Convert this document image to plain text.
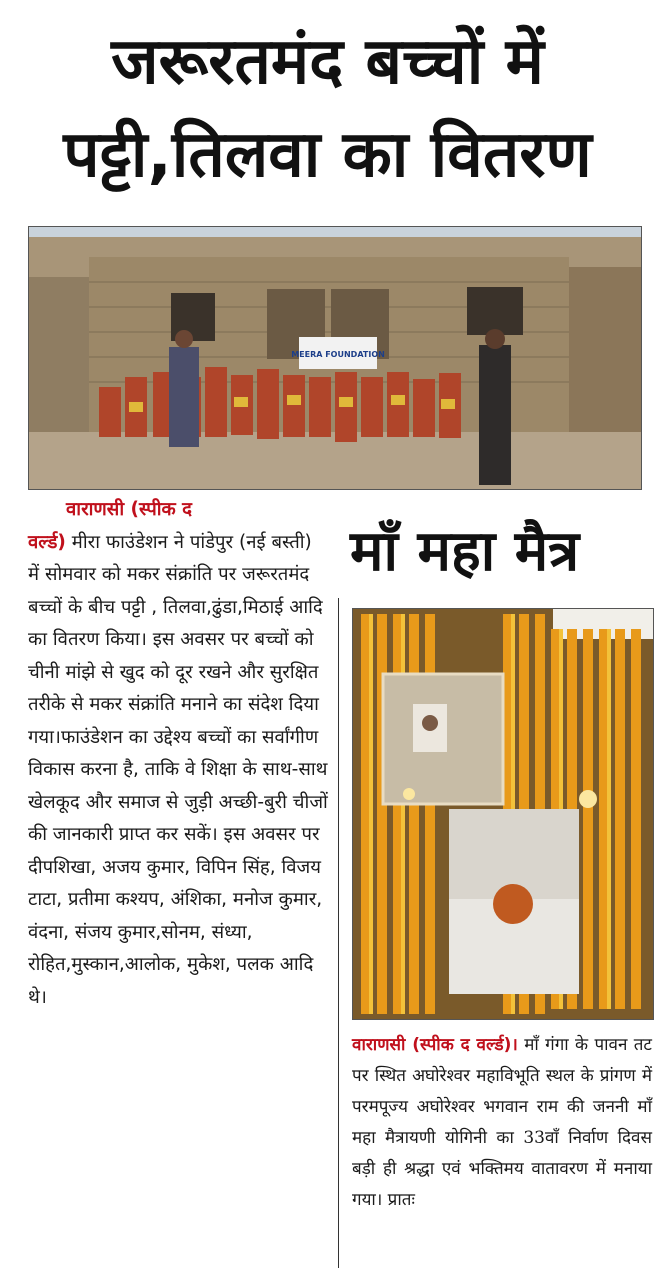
जरूरतमंद बच्चों में
पट्टी,तिलवा का वितरण
MEERA FOUNDATION
वाराणसी (स्पीक द
वर्ल्ड) मीरा फाउंडेशन ने पांडेपुर (नई बस्ती) में सोमवार को मकर संक्रांति पर जरूरतमंद बच्चों के बीच पट्टी , तिलवा,ढुंडा,मिठाई आदि का वितरण किया। इस अवसर पर बच्चों को चीनी मांझे से खुद को दूर रखने और सुरक्षित तरीके से मकर संक्रांति मनाने का संदेश दिया गया।फाउंडेशन का उद्देश्य बच्चों का सर्वांगीण विकास करना है, ताकि वे शिक्षा के साथ-साथ खेलकूद और समाज से जुड़ी अच्छी-बुरी चीजों की जानकारी प्राप्त कर सकें। इस अवसर पर दीपशिखा, अजय कुमार, विपिन सिंह, विजय टाटा, प्रतीमा कश्यप, अंशिका, मनोज कुमार, वंदना, संजय कुमार,सोनम, संध्या, रोहित,मुस्कान,आलोक, मुकेश, पलक आदि थे।
माँ महा मैत्र
वाराणसी (स्पीक द वर्ल्ड)। माँ गंगा के पावन तट पर स्थित अघोरेश्वर महाविभूति स्थल के प्रांगण में परमपूज्य अघोरेश्वर भगवान राम की जननी माँ महा मैत्रायणी योगिनी का 33वाँ निर्वाण दिवस बड़ी ही श्रद्धा एवं भक्तिमय वातावरण में मनाया गया। प्रातः
